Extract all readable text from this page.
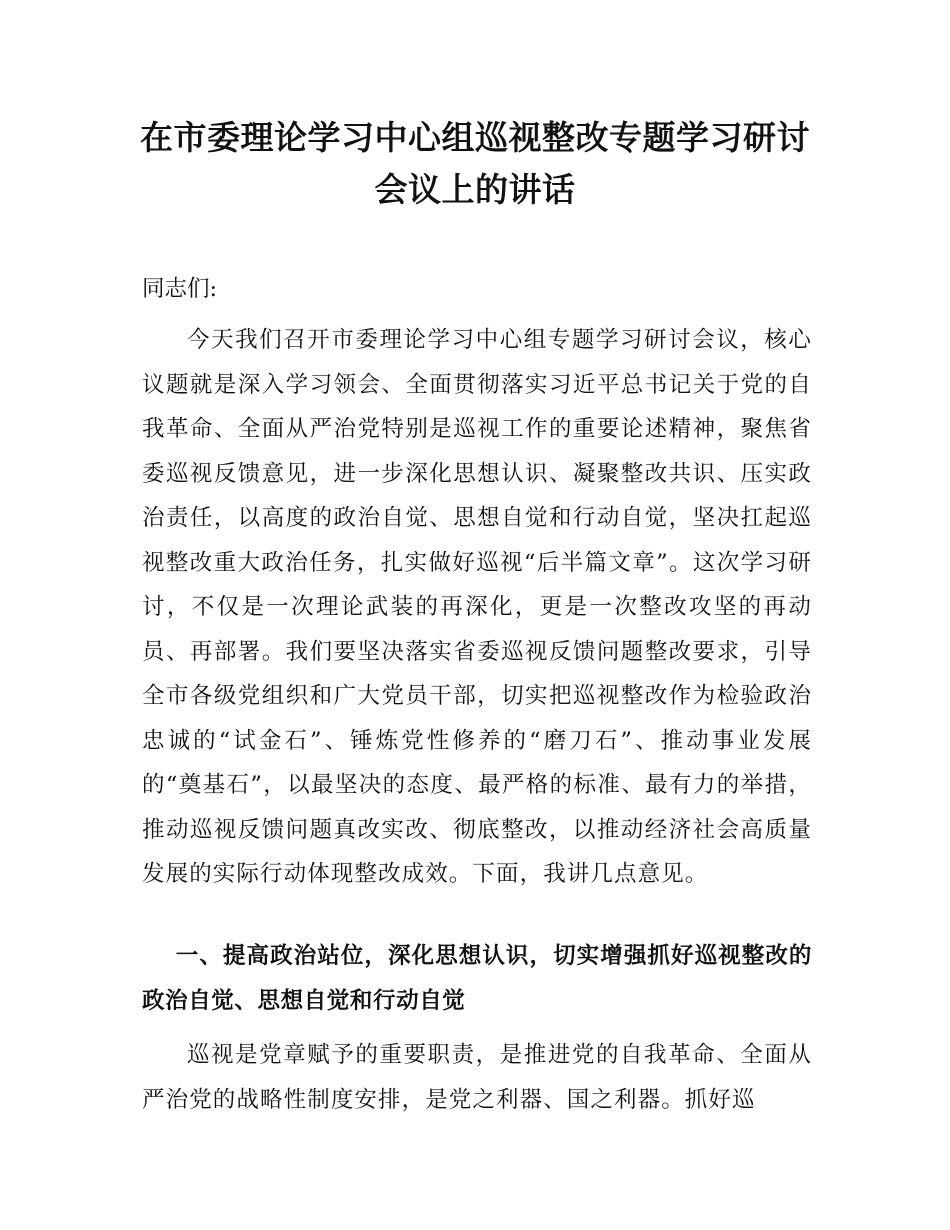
在市委理论学习中心组巡视整改专题学习研讨会议上的讲话

同志们:

今天我们召开市委理论学习中心组专题学习研讨会议，核心议题就是深入学习领会、全面贯彻落实习近平总书记关于党的自我革命、全面从严治党特别是巡视工作的重要论述精神，聚焦省委巡视反馈意见，进一步深化思想认识、凝聚整改共识、压实政治责任，以高度的政治自觉、思想自觉和行动自觉，坚决扛起巡视整改重大政治任务，扎实做好巡视“后半篇文章”。这次学习研讨，不仅是一次理论武装的再深化，更是一次整改攻坚的再动员、再部署。我们要坚决落实省委巡视反馈问题整改要求，引导全市各级党组织和广大党员干部，切实把巡视整改作为检验政治忠诚的“试金石”、锤炼党性修养的“磨刀石”、推动事业发展的“奠基石”，以最坚决的态度、最严格的标准、最有力的举措，推动巡视反馈问题真改实改、彻底整改，以推动经济社会高质量发展的实际行动体现整改成效。下面，我讲几点意见。

一、提高政治站位，深化思想认识，切实增强抓好巡视整改的政治自觉、思想自觉和行动自觉

巡视是党章赋予的重要职责，是推进党的自我革命、全面从严治党的战略性制度安排，是党之利器、国之利器。抓好巡
